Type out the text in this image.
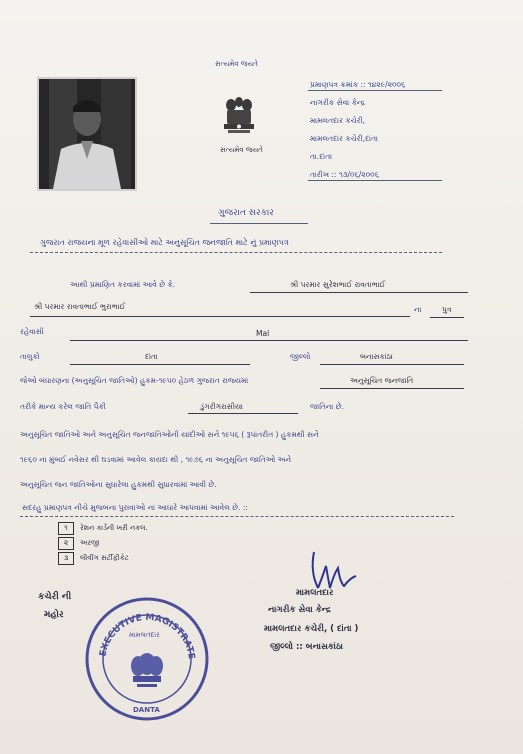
સત્યમેવ જયતે
સત્યમેવ જયતે
પ્રમાણપત્ર ક્રમાંક :: ૧૪૨૯/૨૦૦૬
નાગરીક સેવા કેન્દ્ર
મામલતદાર કચેરી,
મામલતદાર કચેરી,દાંતા
તા.દાંતા
તારીખ :: ૧૩/૦૬/૨૦૦૬
ગુજરાત સરકાર
ગુજરાત રાજયના મૂળ રહેવાસીઓ માટે અનુસૂચિત જનજાતિ માટે નું પ્રમાણપત્ર
આથી પ્રમાણિત કરવામાં આવે છે કે.	શ્રી પરમાર સુરેશભાઈ રાવતાભાઈ
શ્રી પરમાર રાવતાભાઈ ભુરાભાઈ	ના	પુત્ર
રહેવાસી	Mal
તાલુકો	દાંતા	જીલ્લો	બનાસકાંઠા
જેઓ બંધારણના (અનુસૂચિત જાતિઓ) હુકમ-૧૯૫૦ હેઠળ ગુજરાત રાજયમાં	અનુસૂચિત જનજાતિ
તરીકે માન્ય કરેલ જાતિ પૈકી	ડુંગરીગરાસીયા	જાતિના છે.
અનુસૂચિત જાતિઓ અને અનુસૂચિત જનજાતિઓની યાદીઓ સને ૧૯૫૬ ( રૂપાંતરીત ) હુકમથી સને
૧૯૬૦ ના મુંબઈ નવેસર થી ઘડવામાં આવેલ કાયદા થી , ૧૯૭૬ ના અનુસૂચિત જાતિઓ અને
અનુસૂચિત જન જાતિઓના સુધારેલા હુકમથી સુધારવામાં આવી છે.
સદરહુ પ્રમાણપત્ર નીચે મુજબના પુરાવાઓ ના આધારે આપવામાં આવેલ છે. ::
૧ રેશન કાર્ડની ખરી નકલ.
૨ અરજી
૩ લીવીંગ સર્ટીફીકેટ
કચેરી ની
મહોર
EXECUTIVE MAGISTRATE
મામલતદાર
DANTA
મામલતદાર
નાગરીક સેવા કેન્દ્ર
મામલતદાર કચેરી, ( દાંતા )
જીલ્લો :: બનાસકાંઠા
